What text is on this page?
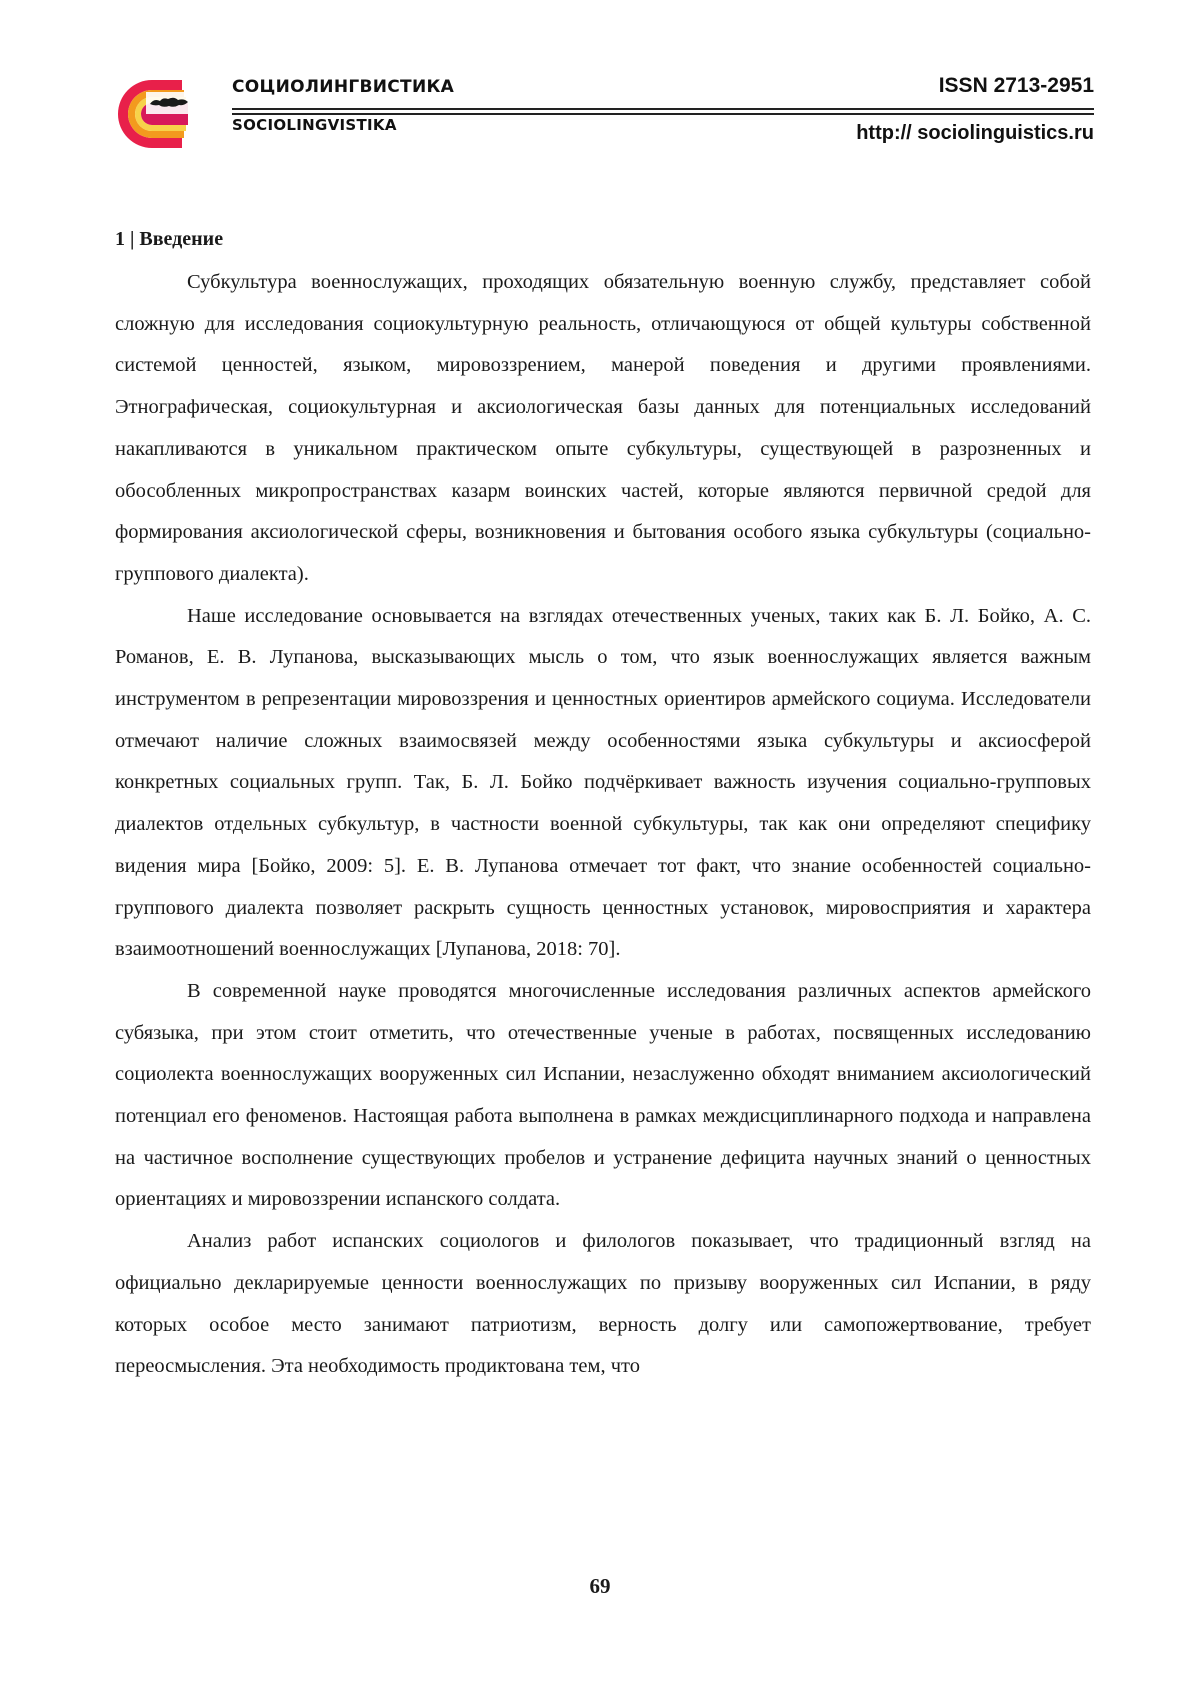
СОЦИОЛИНГВИСТИКА
SOCIOLINGVISTIKA
ISSN 2713-2951
http:// sociolinguistics.ru
1 | Введение

Субкультура военнослужащих, проходящих обязательную военную службу, представляет собой сложную для исследования социокультурную реальность, отличающуюся от общей культуры собственной системой ценностей, языком, мировоззрением, манерой поведения и другими проявлениями. Этнографическая, социокультурная и аксиологическая базы данных для потенциальных исследований накапливаются в уникальном практическом опыте субкультуры, существующей в разрозненных и обособленных микропространствах казарм воинских частей, которые являются первичной средой для формирования аксиологической сферы, возникновения и бытования особого языка субкультуры (социально-группового диалекта).

Наше исследование основывается на взглядах отечественных ученых, таких как Б. Л. Бойко, А. С. Романов, Е. В. Лупанова, высказывающих мысль о том, что язык военнослужащих является важным инструментом в репрезентации мировоззрения и ценностных ориентиров армейского социума. Исследователи отмечают наличие сложных взаимосвязей между особенностями языка субкультуры и аксиосферой конкретных социальных групп. Так, Б. Л. Бойко подчёркивает важность изучения социально-групповых диалектов отдельных субкультур, в частности военной субкультуры, так как они определяют специфику видения мира [Бойко, 2009: 5]. Е. В. Лупанова отмечает тот факт, что знание особенностей социально-группового диалекта позволяет раскрыть сущность ценностных установок, мировосприятия и характера взаимоотношений военнослужащих [Лупанова, 2018: 70].

В современной науке проводятся многочисленные исследования различных аспектов армейского субязыка, при этом стоит отметить, что отечественные ученые в работах, посвященных исследованию социолекта военнослужащих вооруженных сил Испании, незаслуженно обходят вниманием аксиологический потенциал его феноменов. Настоящая работа выполнена в рамках междисциплинарного подхода и направлена на частичное восполнение существующих пробелов и устранение дефицита научных знаний о ценностных ориентациях и мировоззрении испанского солдата.

Анализ работ испанских социологов и филологов показывает, что традиционный взгляд на официально декларируемые ценности военнослужащих по призыву вооруженных сил Испании, в ряду которых особое место занимают патриотизм, верность долгу или самопожертвование, требует переосмысления. Эта необходимость продиктована тем, что

69
